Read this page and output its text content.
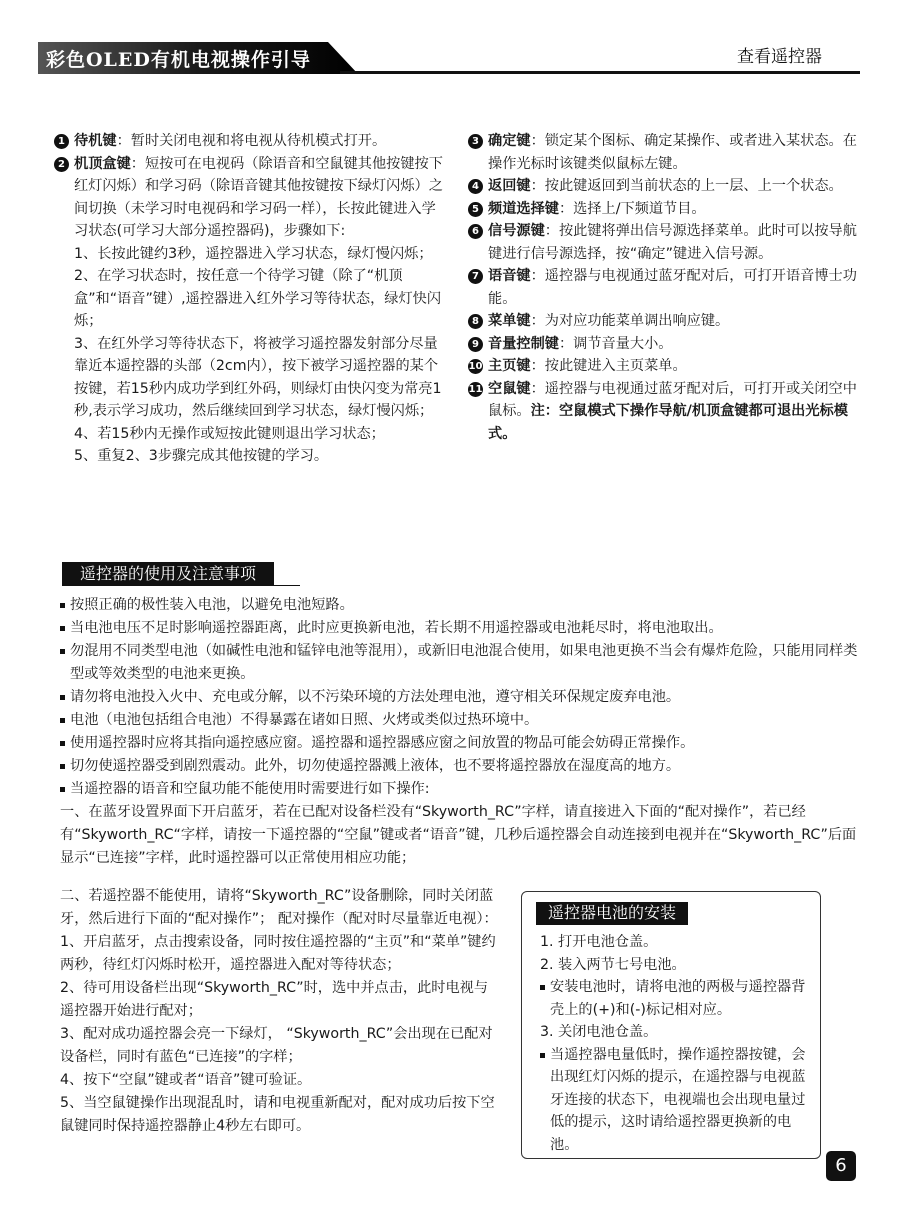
彩色OLED有机电视操作引导	查看遥控器
1 待机键：暂时关闭电视和将电视从待机模式打开。
2 机顶盒键：短按可在电视码（除语音和空鼠键其他按键按下红灯闪烁）和学习码（除语音键其他按键按下绿灯闪烁）之间切换（未学习时电视码和学习码一样），长按此键进入学习状态(可学习大部分遥控器码)，步骤如下:
1、长按此键约3秒，遥控器进入学习状态，绿灯慢闪烁；
2、在学习状态时，按任意一个待学习键（除了“机顶盒”和“语音”键）,遥控器进入红外学习等待状态，绿灯快闪烁；
3、在红外学习等待状态下，将被学习遥控器发射部分尽量靠近本遥控器的头部（2cm内），按下被学习遥控器的某个按键，若15秒内成功学到红外码，则绿灯由快闪变为常亮1秒,表示学习成功，然后继续回到学习状态，绿灯慢闪烁；
4、若15秒内无操作或短按此键则退出学习状态；
5、重复2、3步骤完成其他按键的学习。
3 确定键：锁定某个图标、确定某操作、或者进入某状态。在操作光标时该键类似鼠标左键。
4 返回键：按此键返回到当前状态的上一层、上一个状态。
5 频道选择键：选择上/下频道节目。
6 信号源键：按此键将弹出信号源选择菜单。此时可以按导航键进行信号源选择，按“确定”键进入信号源。
7 语音键：遥控器与电视通过蓝牙配对后，可打开语音博士功能。
8 菜单键：为对应功能菜单调出响应键。
9 音量控制键：调节音量大小。
10 主页键：按此键进入主页菜单。
11 空鼠键：遥控器与电视通过蓝牙配对后，可打开或关闭空中鼠标。注：空鼠模式下操作导航/机顶盒键都可退出光标模式。
遥控器的使用及注意事项
按照正确的极性装入电池，以避免电池短路。
当电池电压不足时影响遥控器距离，此时应更换新电池，若长期不用遥控器或电池耗尽时，将电池取出。
勿混用不同类型电池（如碱性电池和锰锌电池等混用），或新旧电池混合使用，如果电池更换不当会有爆炸危险，只能用同样类型或等效类型的电池来更换。
请勿将电池投入火中、充电或分解，以不污染环境的方法处理电池，遵守相关环保规定废弃电池。
电池（电池包括组合电池）不得暴露在诸如日照、火烤或类似过热环境中。
使用遥控器时应将其指向遥控感应窗。遥控器和遥控器感应窗之间放置的物品可能会妨碍正常操作。
切勿使遥控器受到剧烈震动。此外，切勿使遥控器溅上液体，也不要将遥控器放在湿度高的地方。
当遥控器的语音和空鼠功能不能使用时需要进行如下操作:
一、在蓝牙设置界面下开启蓝牙，若在已配对设备栏没有“Skyworth_RC”字样，请直接进入下面的“配对操作”，若已经有“Skyworth_RC“字样，请按一下遥控器的“空鼠”键或者“语音”键，几秒后遥控器会自动连接到电视并在“Skyworth_RC”后面显示“已连接”字样，此时遥控器可以正常使用相应功能；
二、若遥控器不能使用，请将“Skyworth_RC”设备删除，同时关闭蓝牙，然后进行下面的“配对操作”； 配对操作（配对时尽量靠近电视）：
1、开启蓝牙，点击搜索设备，同时按住遥控器的“主页”和“菜单”键约两秒，待红灯闪烁时松开，遥控器进入配对等待状态；
2、待可用设备栏出现“Skyworth_RC”时，选中并点击，此时电视与遥控器开始进行配对；
3、配对成功遥控器会亮一下绿灯， “Skyworth_RC”会出现在已配对设备栏，同时有蓝色“已连接”的字样；
4、按下“空鼠”键或者“语音”键可验证。
5、当空鼠键操作出现混乱时，请和电视重新配对，配对成功后按下空鼠键同时保持遥控器静止4秒左右即可。
遥控器电池的安装
1. 打开电池仓盖。
2. 装入两节七号电池。
安装电池时，请将电池的两极与遥控器背壳上的(+)和(-)标记相对应。
3. 关闭电池仓盖。
当遥控器电量低时，操作遥控器按键，会出现红灯闪烁的提示，在遥控器与电视蓝牙连接的状态下，电视端也会出现电量过低的提示，这时请给遥控器更换新的电池。
6
